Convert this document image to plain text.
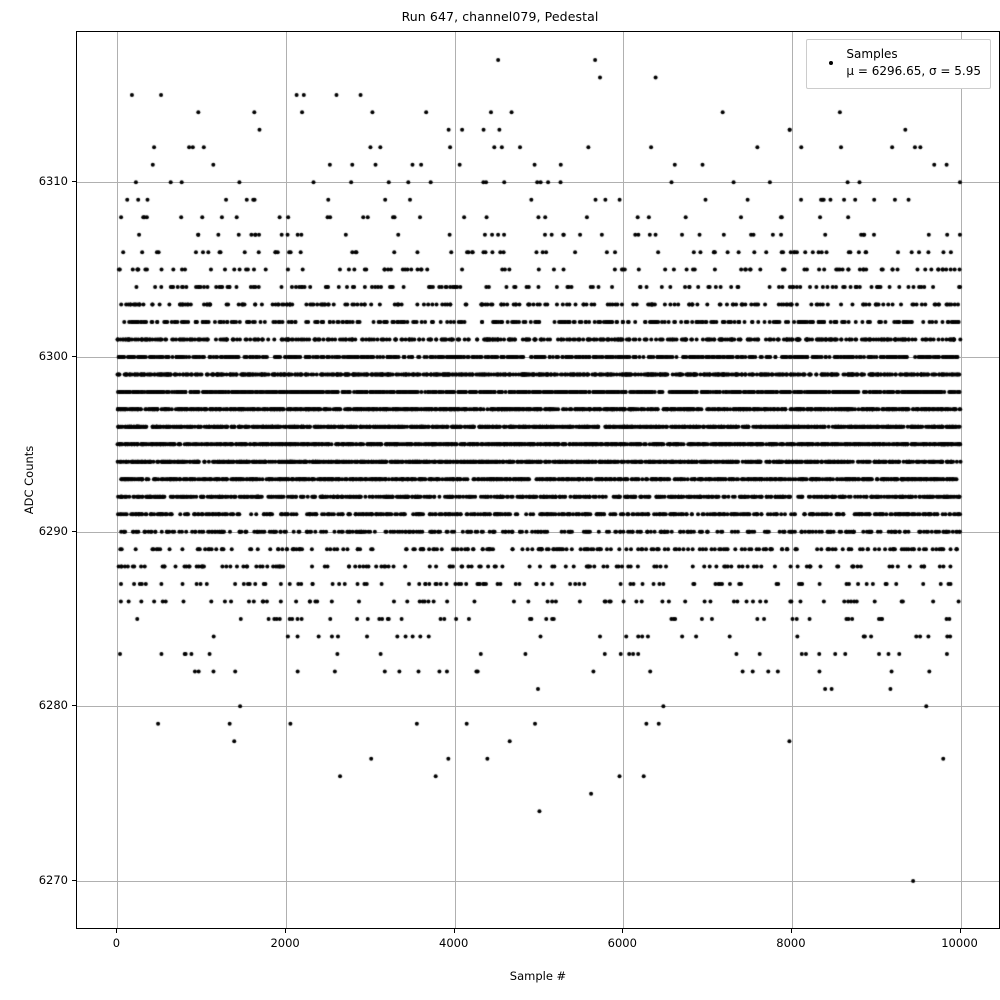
Run 647, channel079, Pedestal
Samples
μ = 6296.65, σ = 5.95
0	2000	4000	6000	8000	10000
6270
6280
6290
6300
6310
Sample #
ADC Counts
